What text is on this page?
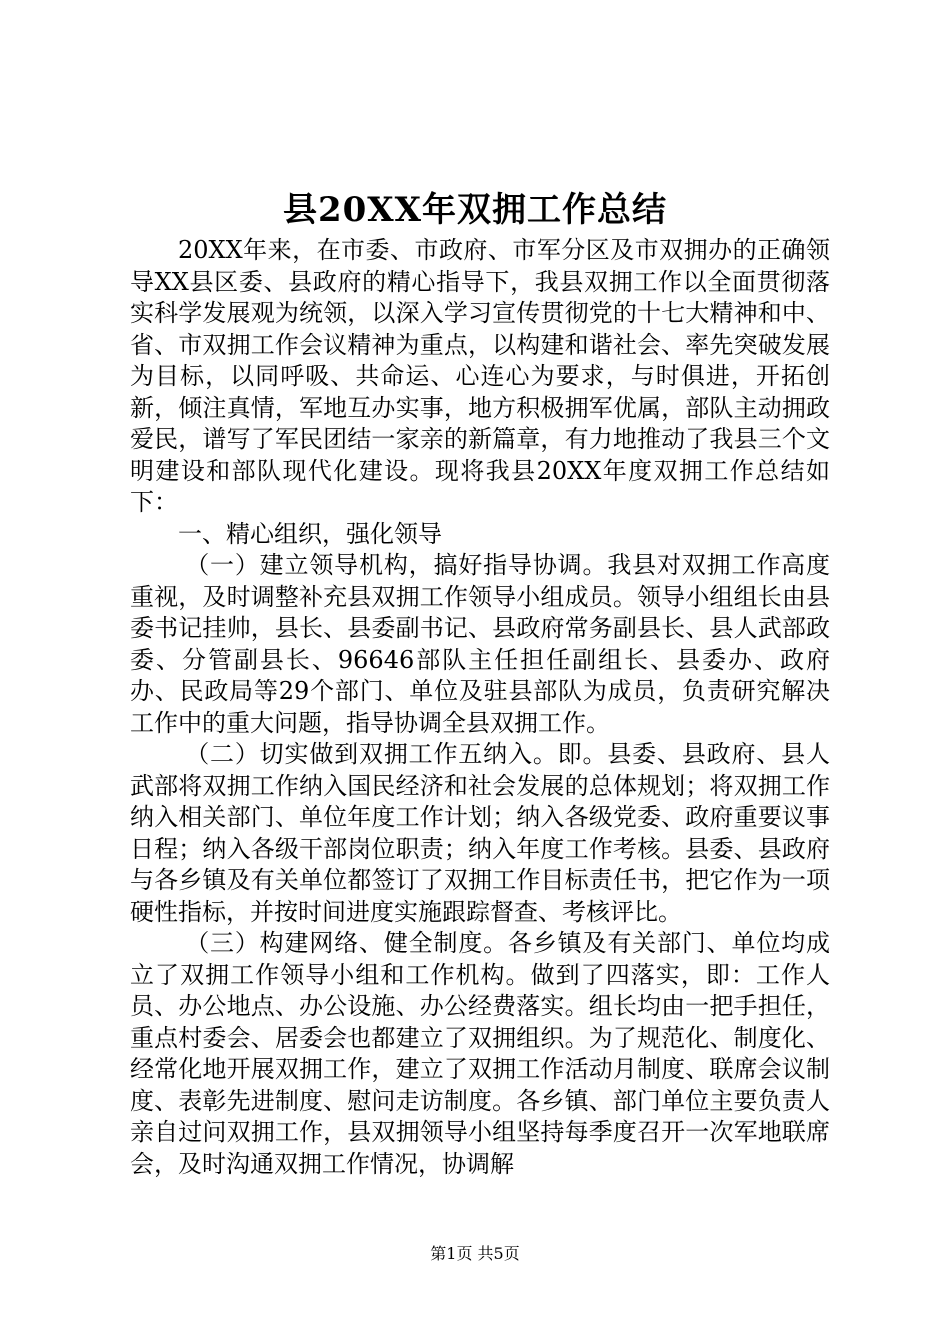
县20XX年双拥工作总结

20XX年来，在市委、市政府、市军分区及市双拥办的正确领导XX县区委、县政府的精心指导下，我县双拥工作以全面贯彻落实科学发展观为统领，以深入学习宣传贯彻党的十七大精神和中、省、市双拥工作会议精神为重点，以构建和谐社会、率先突破发展为目标，以同呼吸、共命运、心连心为要求，与时俱进，开拓创新，倾注真情，军地互办实事，地方积极拥军优属，部队主动拥政爱民，谱写了军民团结一家亲的新篇章，有力地推动了我县三个文明建设和部队现代化建设。现将我县20XX年度双拥工作总结如下：

一、精心组织，强化领导

（一）建立领导机构，搞好指导协调。我县对双拥工作高度重视，及时调整补充县双拥工作领导小组成员。领导小组组长由县委书记挂帅，县长、县委副书记、县政府常务副县长、县人武部政委、分管副县长、96646部队主任担任副组长、县委办、政府办、民政局等29个部门、单位及驻县部队为成员，负责研究解决工作中的重大问题，指导协调全县双拥工作。

（二）切实做到双拥工作五纳入。即。县委、县政府、县人武部将双拥工作纳入国民经济和社会发展的总体规划；将双拥工作纳入相关部门、单位年度工作计划；纳入各级党委、政府重要议事日程；纳入各级干部岗位职责；纳入年度工作考核。县委、县政府与各乡镇及有关单位都签订了双拥工作目标责任书，把它作为一项硬性指标，并按时间进度实施跟踪督查、考核评比。

（三）构建网络、健全制度。各乡镇及有关部门、单位均成立了双拥工作领导小组和工作机构。做到了四落实，即：工作人员、办公地点、办公设施、办公经费落实。组长均由一把手担任，重点村委会、居委会也都建立了双拥组织。为了规范化、制度化、经常化地开展双拥工作，建立了双拥工作活动月制度、联席会议制度、表彰先进制度、慰问走访制度。各乡镇、部门单位主要负责人亲自过问双拥工作，县双拥领导小组坚持每季度召开一次军地联席会，及时沟通双拥工作情况，协调解

第1页 共5页
